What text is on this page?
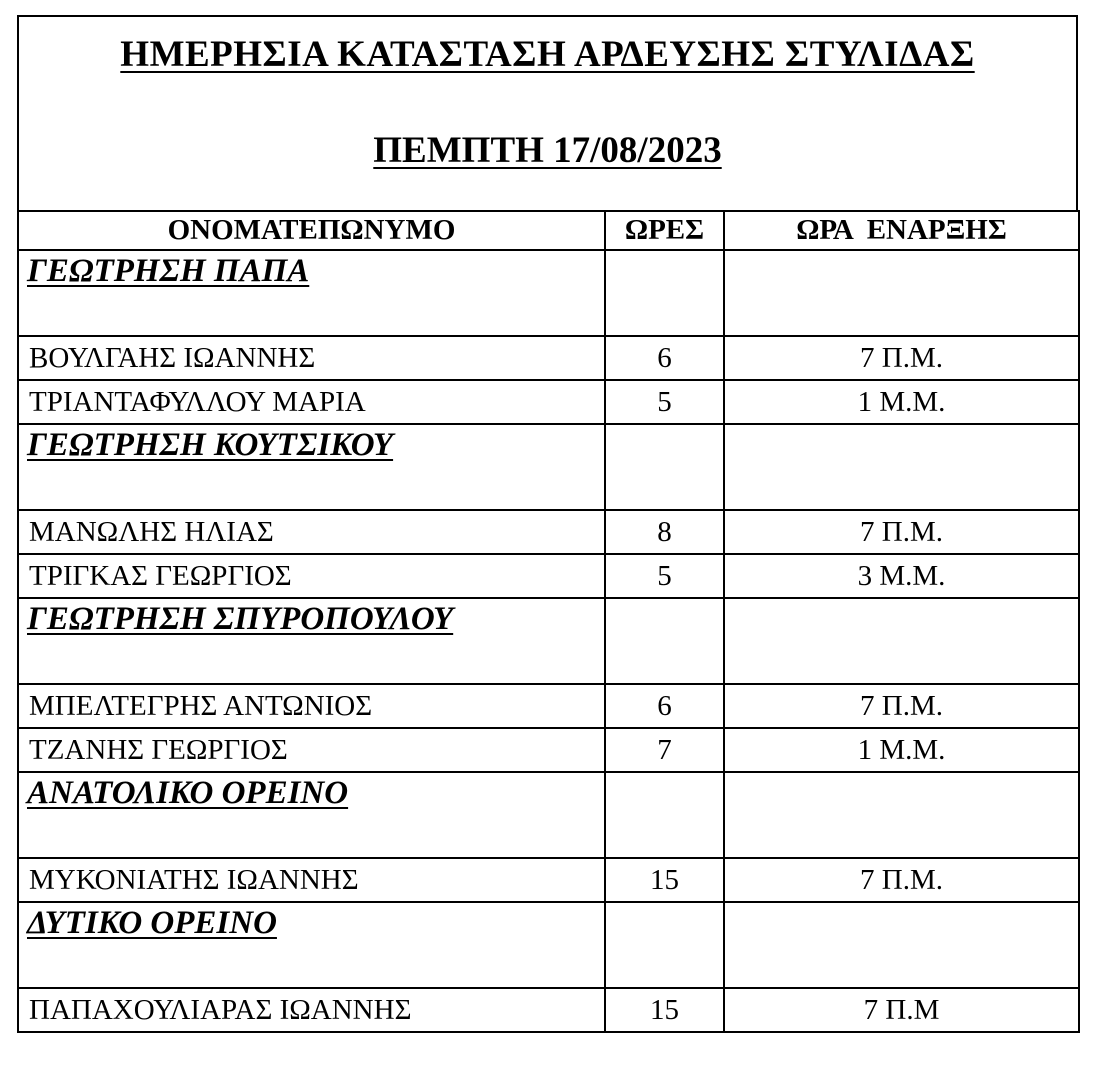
ΗΜΕΡΗΣΙΑ ΚΑΤΑΣΤΑΣΗ ΑΡΔΕΥΣΗΣ ΣΤΥΛΙΔΑΣ
ΠΕΜΠΤΗ 17/08/2023
ΟΝΟΜΑΤΕΠΩΝΥΜΟ	ΩΡΕΣ	ΩΡΑ  ΕΝΑΡΞΗΣ

ΓΕΩΤΡΗΣΗ ΠΑΠΑ		

ΒΟΥΛΓΑΗΣ ΙΩΑΝΝΗΣ	6	7 Π.Μ.
ΤΡΙΑΝΤΑΦΥΛΛΟΥ ΜΑΡΙΑ	5	1 Μ.Μ.

ΓΕΩΤΡΗΣΗ ΚΟΥΤΣΙΚΟΥ		

ΜΑΝΩΛΗΣ ΗΛΙΑΣ	8	7 Π.Μ.
ΤΡΙΓΚΑΣ ΓΕΩΡΓΙΟΣ	5	3 Μ.Μ.

ΓΕΩΤΡΗΣΗ ΣΠΥΡΟΠΟΥΛΟΥ		

ΜΠΕΛΤΕΓΡΗΣ ΑΝΤΩΝΙΟΣ	6	7 Π.Μ.
ΤΖΑΝΗΣ ΓΕΩΡΓΙΟΣ	7	1 Μ.Μ.

ΑΝΑΤΟΛΙΚΟ ΟΡΕΙΝΟ		

ΜΥΚΟΝΙΑΤΗΣ ΙΩΑΝΝΗΣ	15	7 Π.Μ.

ΔΥΤΙΚΟ ΟΡΕΙΝΟ		

ΠΑΠΑΧΟΥΛΙΑΡΑΣ ΙΩΑΝΝΗΣ	15	7 Π.Μ
